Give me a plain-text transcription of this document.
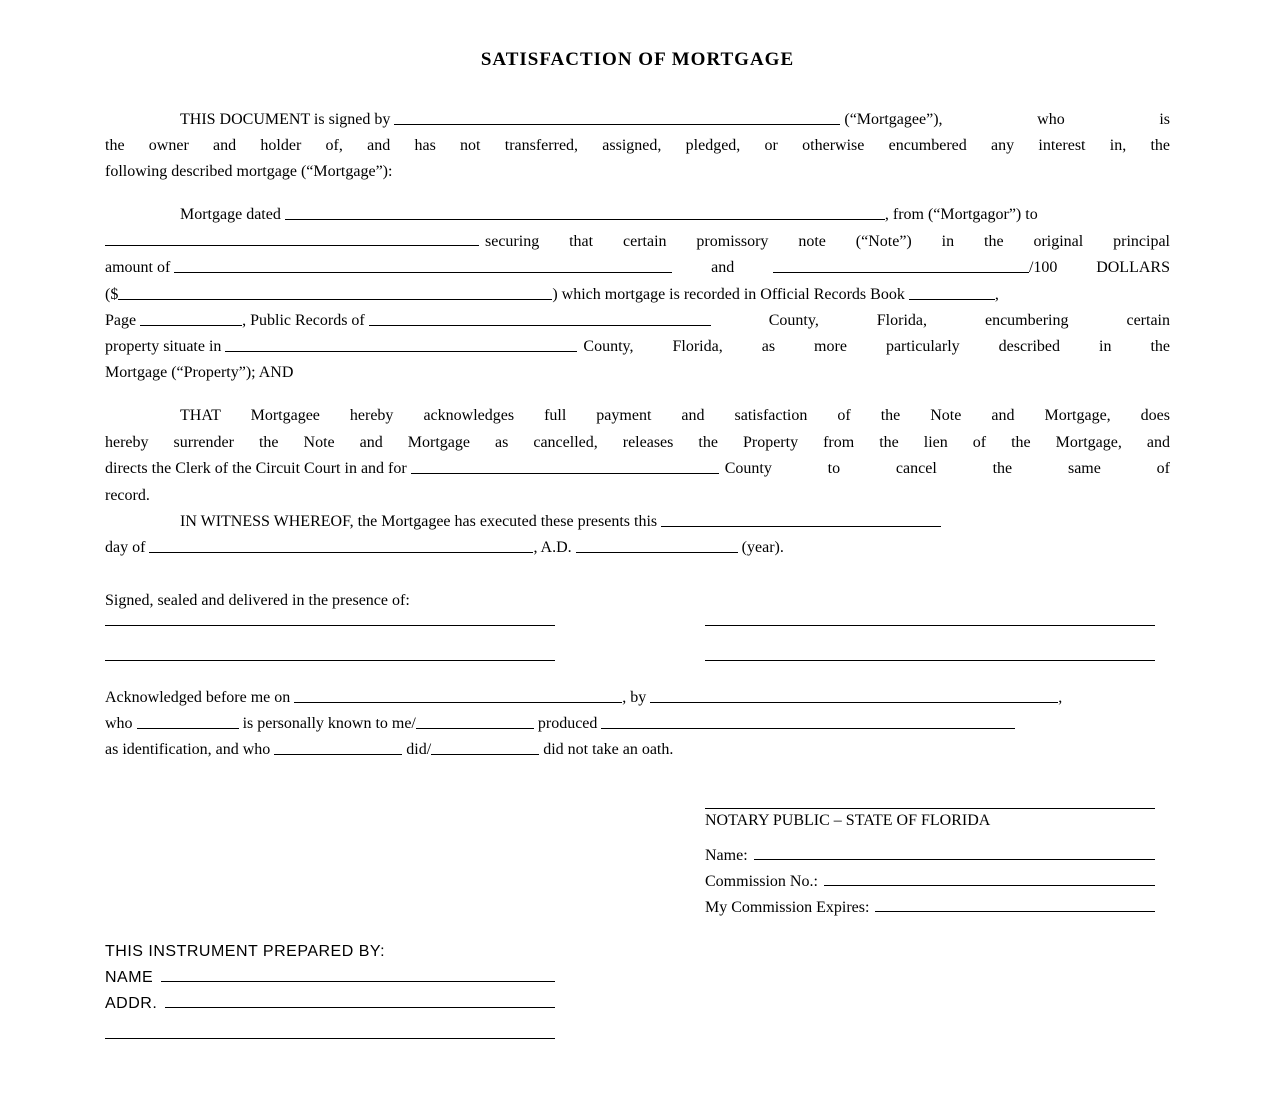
SATISFACTION OF MORTGAGE
THIS DOCUMENT is signed by	(“Mortgagee”),	who	is
the owner and holder of, and has not transferred, assigned, pledged, or otherwise encumbered any interest in, the
following described mortgage (“Mortgage”):
Mortgage dated	, from (“Mortgagor”) to
securing that certain promissory note (“Note”) in the original principal
amount of	and	/100 DOLLARS
($	) which mortgage is recorded in Official Records Book	,
Page	, Public Records of	County,	Florida,	encumbering	certain
property situate in	County, Florida, as more particularly described in the
Mortgage (“Property”); AND
THAT Mortgagee hereby acknowledges full payment and satisfaction of the Note and Mortgage, does
hereby surrender the Note and Mortgage as cancelled, releases the Property from the lien of the Mortgage, and
directs the Clerk of the Circuit Court in and for	County to cancel the same of
record.
IN WITNESS WHEREOF, the Mortgagee has executed these presents this
day of	, A.D.	(year).
Signed, sealed and delivered in the presence of:
Acknowledged before me on	, by	,
who	is personally known to me/	produced
as identification, and who	did/	did not take an oath.
NOTARY PUBLIC – STATE OF FLORIDA
Name:
Commission No.:
My Commission Expires:
THIS INSTRUMENT PREPARED BY:
NAME
ADDR.
